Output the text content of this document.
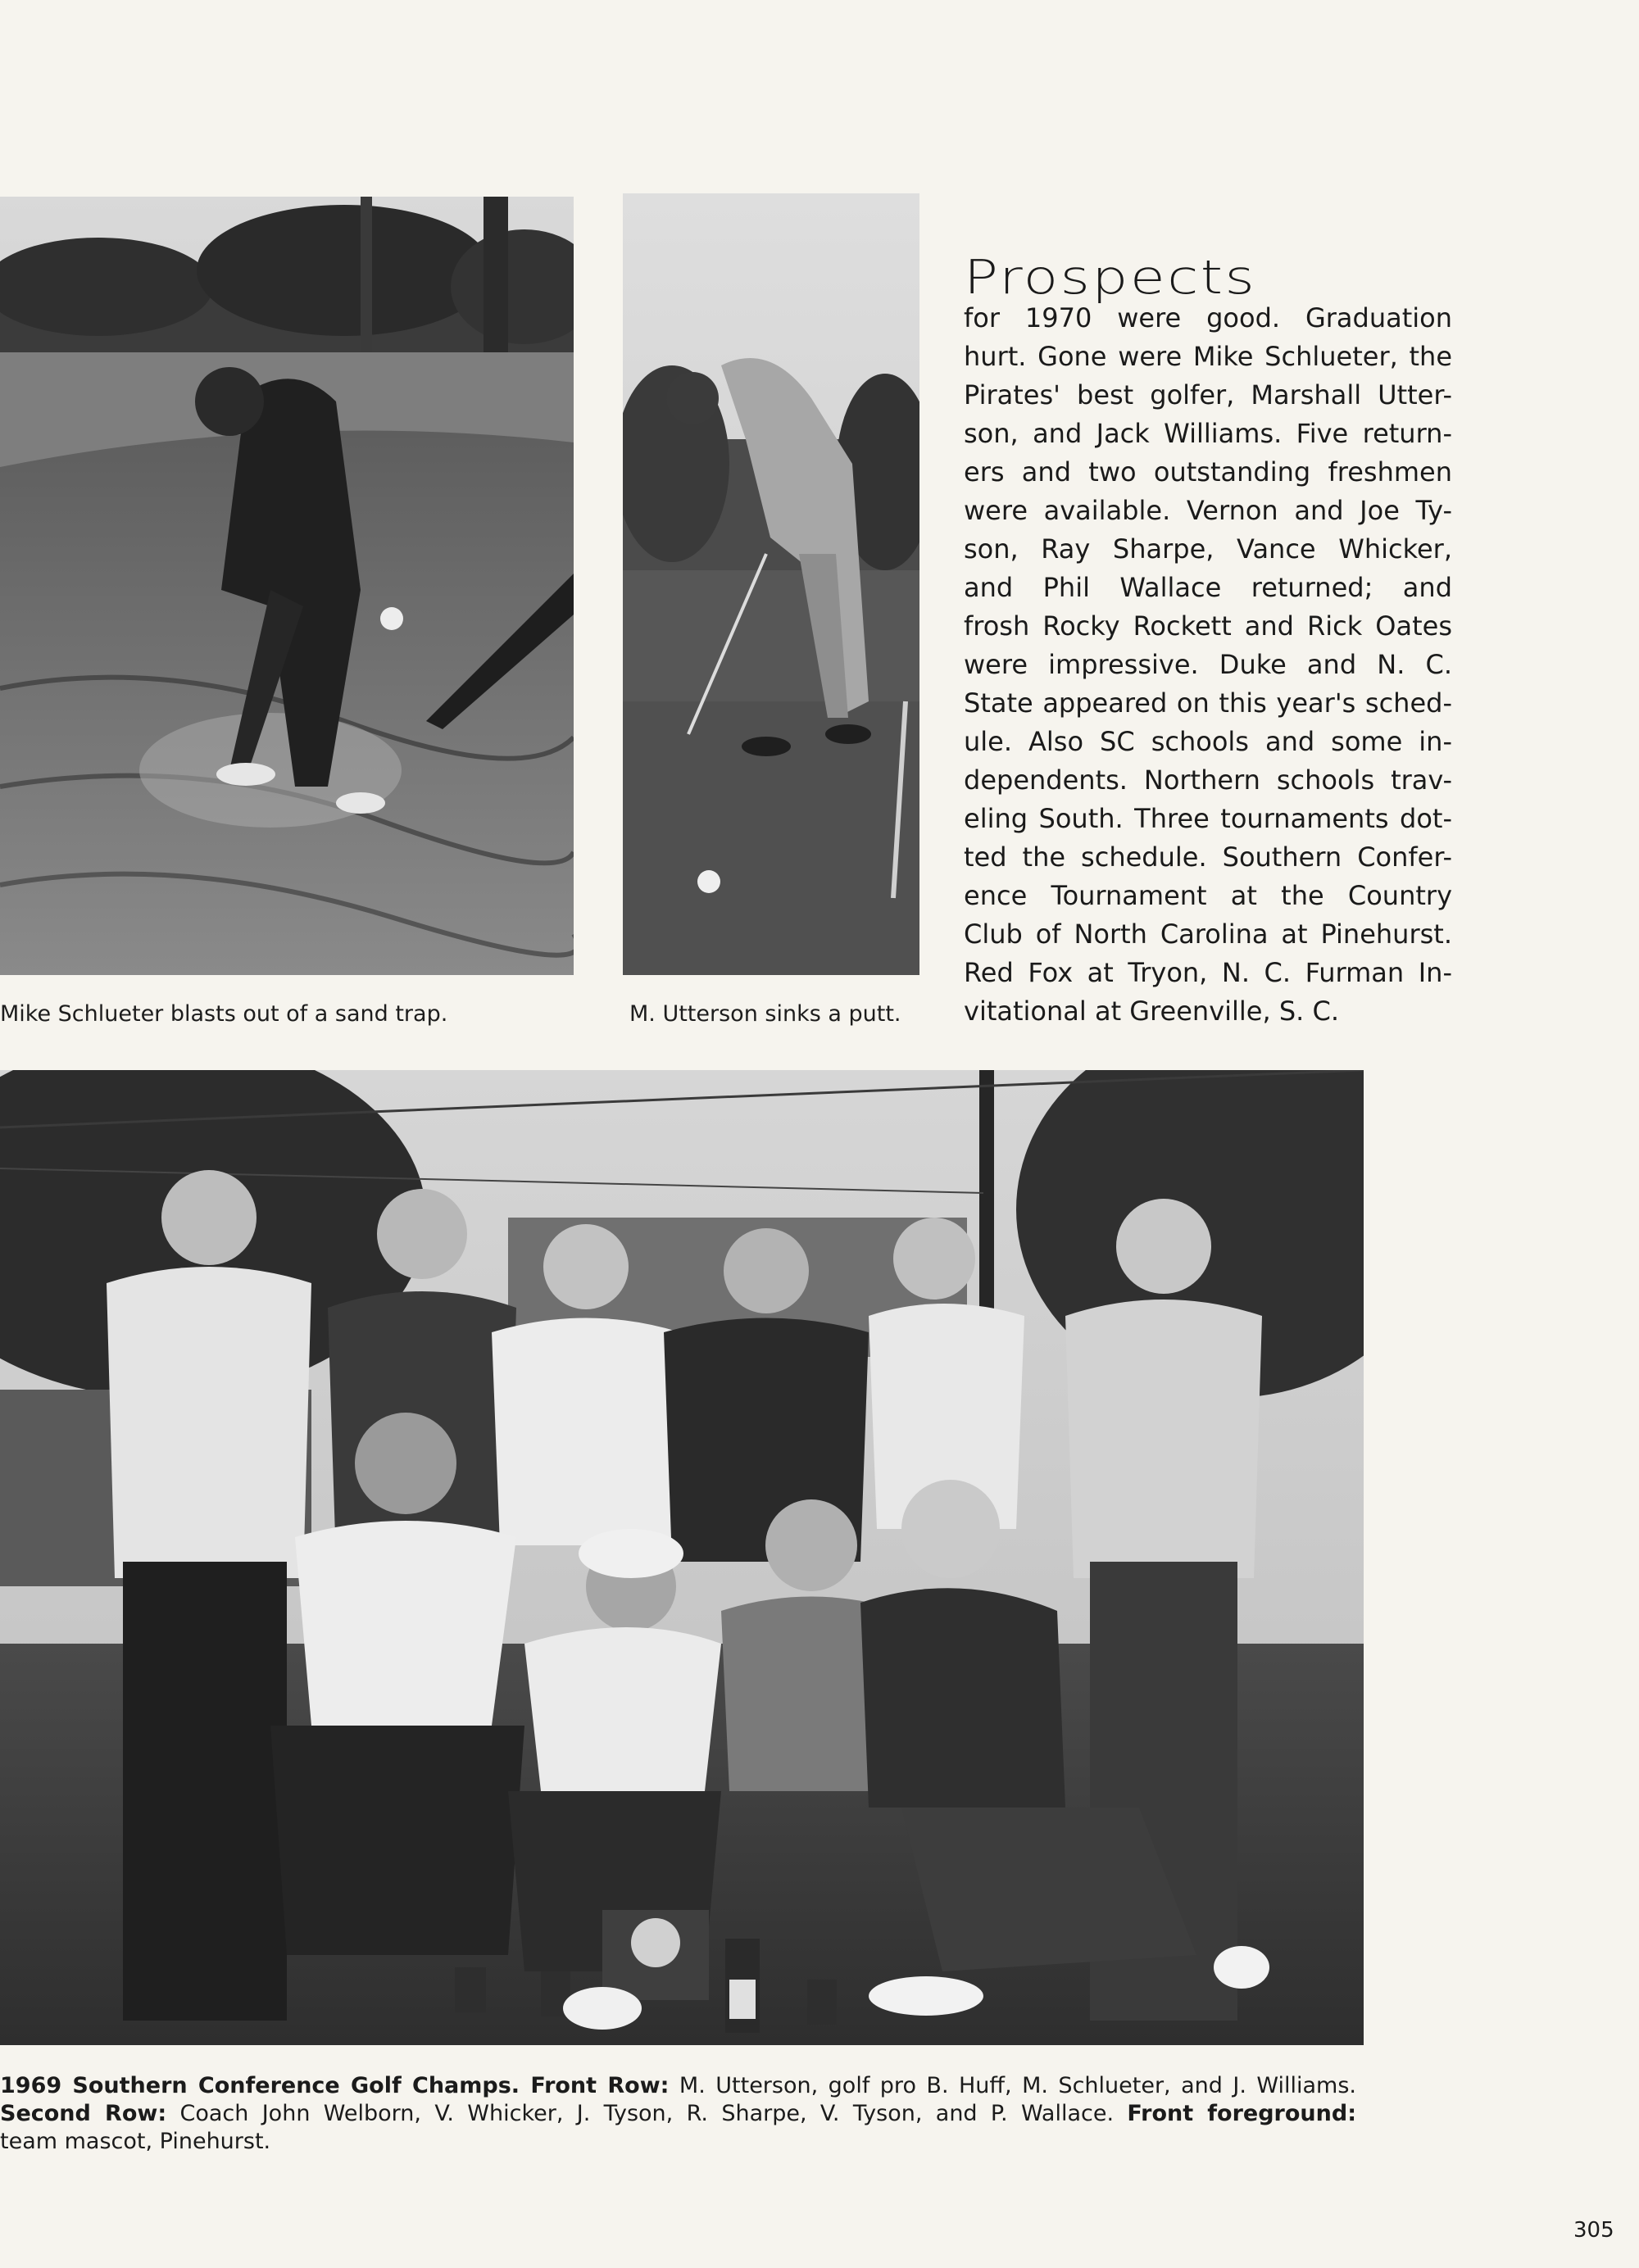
Mike Schlueter blasts out of a sand trap.	M. Utterson sinks a putt.
Prospects
for 1970 were good. Graduation
hurt. Gone were Mike Schlueter, the
Pirates' best golfer, Marshall Utter-
son, and Jack Williams. Five return-
ers and two outstanding freshmen
were available. Vernon and Joe Ty-
son, Ray Sharpe, Vance Whicker,
and Phil Wallace returned; and
frosh Rocky Rockett and Rick Oates
were impressive. Duke and N. C.
State appeared on this year's sched-
ule. Also SC schools and some in-
dependents. Northern schools trav-
eling South. Three tournaments dot-
ted the schedule. Southern Confer-
ence Tournament at the Country
Club of North Carolina at Pinehurst.
Red Fox at Tryon, N. C. Furman In-
vitational at Greenville, S. C.
1969 Southern Conference Golf Champs. Front Row: M. Utterson, golf pro B. Huff, M. Schlueter, and J. Williams.
Second Row: Coach John Welborn, V. Whicker, J. Tyson, R. Sharpe, V. Tyson, and P. Wallace. Front foreground:
team mascot, Pinehurst.
305
